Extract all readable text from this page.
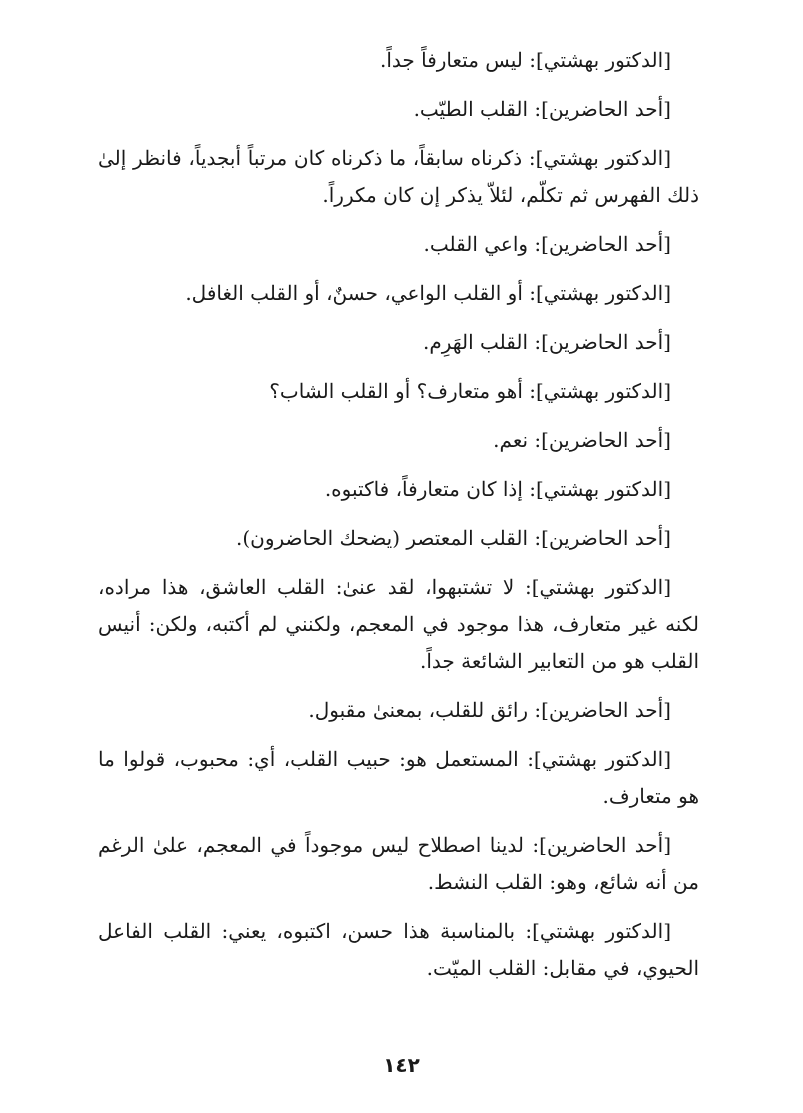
[الدكتور بهشتي]: ليس متعارفاً جداً.

[أحد الحاضرين]: القلب الطيّب.

[الدكتور بهشتي]: ذكرناه سابقاً، ما ذكرناه كان مرتباً أبجدياً، فانظر إلىٰ ذلك الفهرس ثم تكلّم، لئلاّ يذكر إن كان مكرراً.

[أحد الحاضرين]: واعي القلب.

[الدكتور بهشتي]: أو القلب الواعي، حسنٌ، أو القلب الغافل.

[أحد الحاضرين]: القلب الهَرِم.

[الدكتور بهشتي]: أهو متعارف؟ أو القلب الشاب؟

[أحد الحاضرين]: نعم.

[الدكتور بهشتي]: إذا كان متعارفاً، فاكتبوه.

[أحد الحاضرين]: القلب المعتصر (يضحك الحاضرون).

[الدكتور بهشتي]: لا تشتبهوا، لقد عنىٰ: القلب العاشق، هذا مراده، لكنه غير متعارف، هذا موجود في المعجم، ولكنني لم أكتبه، ولكن: أنيس القلب هو من التعابير الشائعة جداً.

[أحد الحاضرين]: رائق للقلب، بمعنىٰ مقبول.

[الدكتور بهشتي]: المستعمل هو: حبيب القلب، أي: محبوب، قولوا ما هو متعارف.

[أحد الحاضرين]: لدينا اصطلاح ليس موجوداً في المعجم، علىٰ الرغم من أنه شائع، وهو: القلب النشط.

[الدكتور بهشتي]: بالمناسبة هذا حسن، اكتبوه، يعني: القلب الفاعل الحيوي، في مقابل: القلب الميّت.

١٤٢
